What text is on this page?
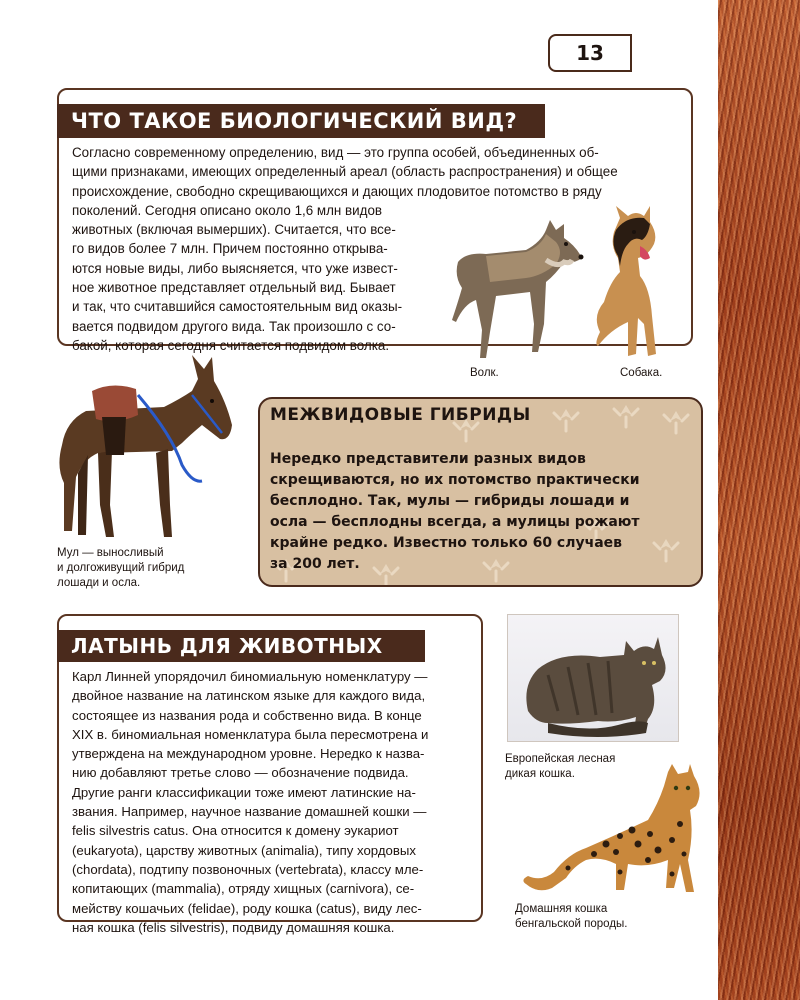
13
ЧТО ТАКОЕ БИОЛОГИЧЕСКИЙ ВИД?
Согласно современному определению, вид — это группа особей, объединенных об-
щими признаками, имеющих определенный ареал (область распространения) и общее
происхождение, свободно скрещивающихся и дающих плодовитое потомство в ряду
поколений. Сегодня описано около 1,6 млн видов
животных (включая вымерших). Считается, что все-
го видов более 7 млн. Причем постоянно открыва-
ются новые виды, либо выясняется, что уже извест-
ное животное представляет отдельный вид. Бывает
и так, что считавшийся самостоятельным вид оказы-
вается подвидом другого вида. Так произошло с со-
бакой, которая сегодня считается подвидом волка.
Волк.	Собака.
Мул — выносливый
и долгоживущий гибрид
лошади и осла.
МЕЖВИДОВЫЕ ГИБРИДЫ
Нередко представители разных видов
скрещиваются, но их потомство практически
бесплодно. Так, мулы — гибриды лошади и
осла — бесплодны всегда, а мулицы рожают
крайне редко. Известно только 60 случаев
за 200 лет.
ЛАТЫНЬ ДЛЯ ЖИВОТНЫХ
Карл Линней упорядочил биномиальную номенклатуру —
двойное название на латинском языке для каждого вида,
состоящее из названия рода и собственно вида. В конце
XIX в. биномиальная номенклатура была пересмотрена и
утверждена на международном уровне. Нередко к назва-
нию добавляют третье слово — обозначение подвида.
Другие ранги классификации тоже имеют латинские на-
звания. Например, научное название домашней кошки —
felis silvestris catus. Она относится к домену эукариот
(eukaryota), царству животных (animalia), типу хордовых
(chordata), подтипу позвоночных (vertebrata), классу мле-
копитающих (mammalia), отряду хищных (carnivora), се-
мейству кошачьих (felidae), роду кошка (catus), виду лес-
ная кошка (felis silvestris), подвиду домашняя кошка.
Европейская лесная
дикая кошка.
Домашняя кошка
бенгальской породы.
